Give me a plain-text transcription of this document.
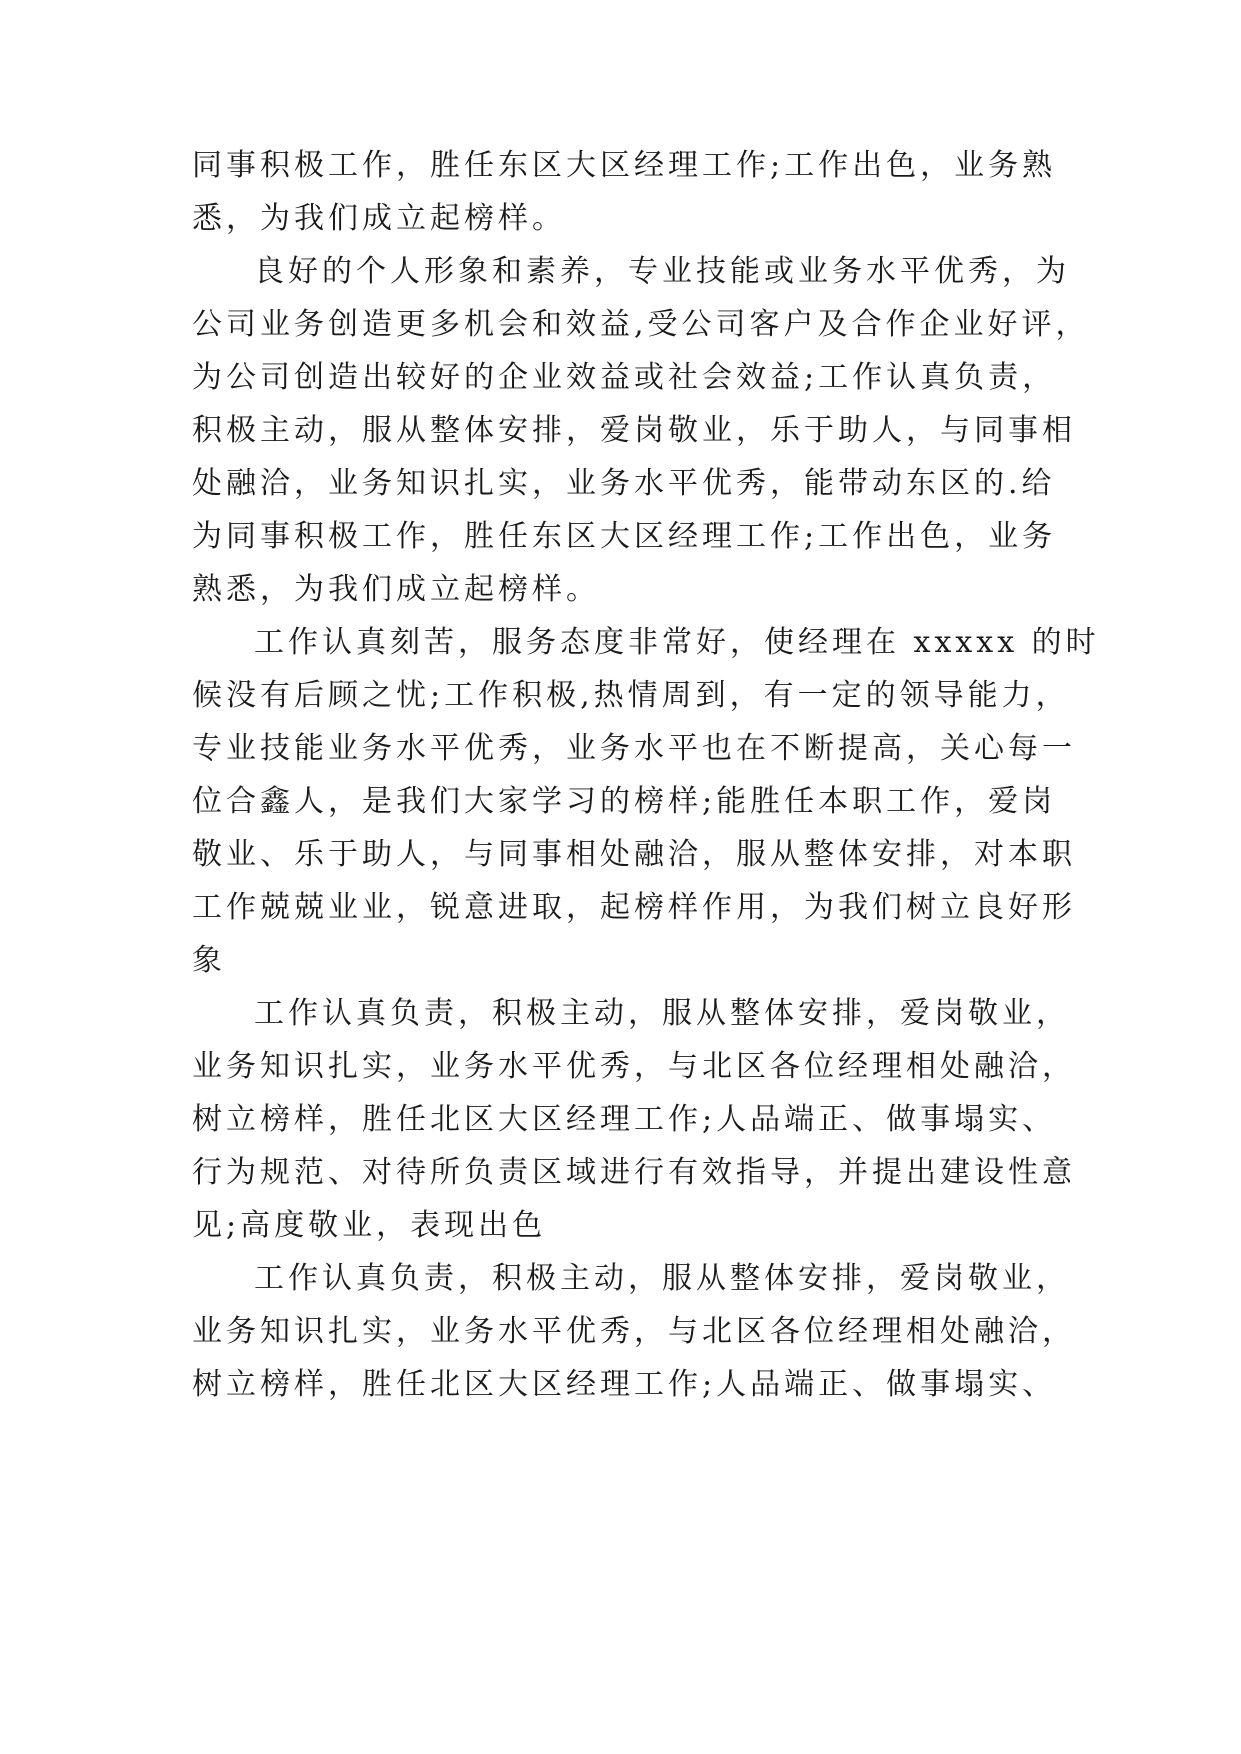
同事积极工作，胜任东区大区经理工作;工作出色，业务熟
悉，为我们成立起榜样。
良好的个人形象和素养，专业技能或业务水平优秀，为
公司业务创造更多机会和效益,受公司客户及合作企业好评，
为公司创造出较好的企业效益或社会效益;工作认真负责，
积极主动，服从整体安排，爱岗敬业，乐于助人，与同事相
处融洽，业务知识扎实，业务水平优秀，能带动东区的.给
为同事积极工作，胜任东区大区经理工作;工作出色，业务
熟悉，为我们成立起榜样。
工作认真刻苦，服务态度非常好，使经理在 xxxxx 的时
候没有后顾之忧;工作积极,热情周到，有一定的领导能力，
专业技能业务水平优秀，业务水平也在不断提高，关心每一
位合鑫人，是我们大家学习的榜样;能胜任本职工作，爱岗
敬业、乐于助人，与同事相处融洽，服从整体安排，对本职
工作兢兢业业，锐意进取，起榜样作用，为我们树立良好形
象
工作认真负责，积极主动，服从整体安排，爱岗敬业，
业务知识扎实，业务水平优秀，与北区各位经理相处融洽，
树立榜样，胜任北区大区经理工作;人品端正、做事塌实、
行为规范、对待所负责区域进行有效指导，并提出建设性意
见;高度敬业，表现出色
工作认真负责，积极主动，服从整体安排，爱岗敬业，
业务知识扎实，业务水平优秀，与北区各位经理相处融洽，
树立榜样，胜任北区大区经理工作;人品端正、做事塌实、
